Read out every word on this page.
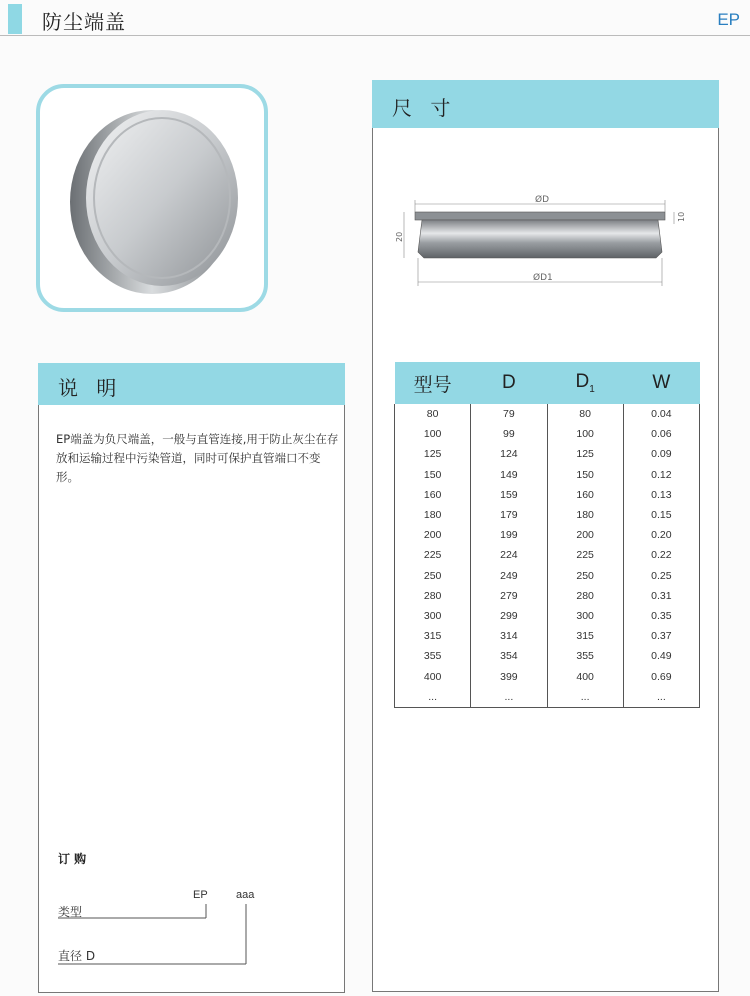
防尘端盖	EP
说 明
EP端盖为负尺端盖，一般与直管连接,用于防止灰尘在存放和运输过程中污染管道，同时可保护直管端口不变形。
订 购
EP	aaa
类型
直径 D
尺 寸
ØD
ØD1
20
10
型号	D	$D_1$	W
80	79	80	0.04
100	99	100	0.06
125	124	125	0.09
150	149	150	0.12
160	159	160	0.13
180	179	180	0.15
200	199	200	0.20
225	224	225	0.22
250	249	250	0.25
280	279	280	0.31
300	299	300	0.35
315	314	315	0.37
355	354	355	0.49
400	399	400	0.69
...	...	...	...
